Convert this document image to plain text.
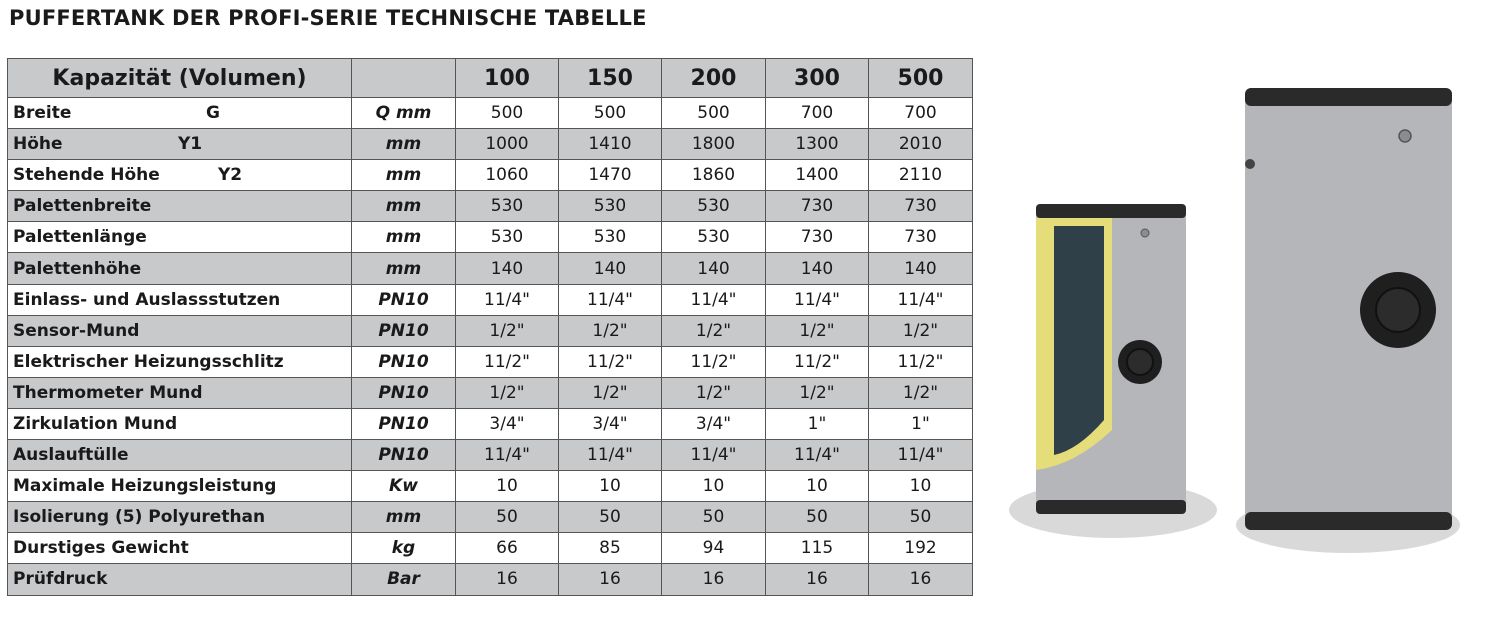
PUFFERTANK DER PROFI-SERIE TECHNISCHE TABELLE
Kapazität (Volumen)		100	150	200	300	500
Breite G	Q mm	500	500	500	700	700
Höhe Y1	mm	1000	1410	1800	1300	2010
Stehende Höhe Y2	mm	1060	1470	1860	1400	2110
Palettenbreite	mm	530	530	530	730	730
Palettenlänge	mm	530	530	530	730	730
Palettenhöhe	mm	140	140	140	140	140
Einlass- und Auslassstutzen	PN10	11/4"	11/4"	11/4"	11/4"	11/4"
Sensor-Mund	PN10	1/2"	1/2"	1/2"	1/2"	1/2"
Elektrischer Heizungsschlitz	PN10	11/2"	11/2"	11/2"	11/2"	11/2"
Thermometer Mund	PN10	1/2"	1/2"	1/2"	1/2"	1/2"
Zirkulation Mund	PN10	3/4"	3/4"	3/4"	1"	1"
Auslauftülle	PN10	11/4"	11/4"	11/4"	11/4"	11/4"
Maximale Heizungsleistung	Kw	10	10	10	10	10
Isolierung (5) Polyurethan	mm	50	50	50	50	50
Durstiges Gewicht	kg	66	85	94	115	192
Prüfdruck	Bar	16	16	16	16	16
